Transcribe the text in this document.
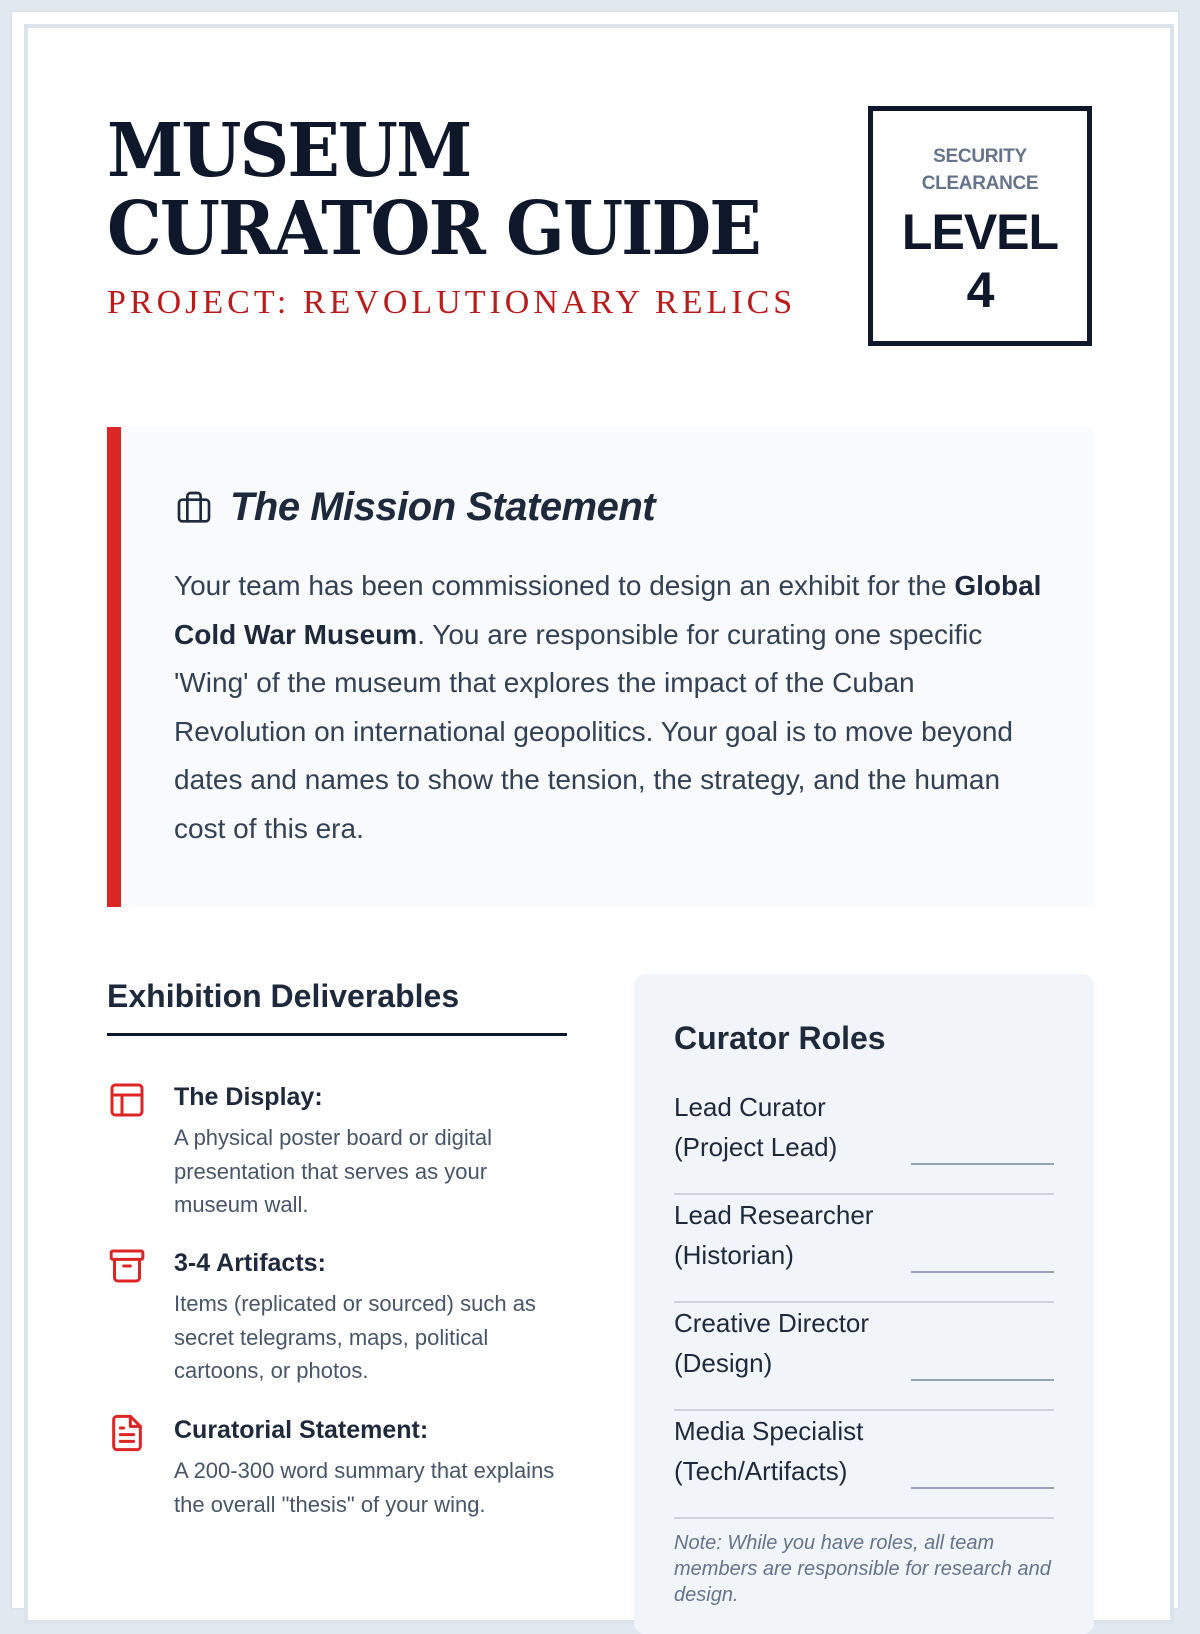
MUSEUM
CURATOR GUIDE
PROJECT: REVOLUTIONARY RELICS
SECURITY
CLEARANCE
LEVEL
4
The Mission Statement

Your team has been commissioned to design an exhibit for the Global Cold War Museum. You are responsible for curating one specific 'Wing' of the museum that explores the impact of the Cuban Revolution on international geopolitics. Your goal is to move beyond dates and names to show the tension, the strategy, and the human cost of this era.

Exhibition Deliverables
The Display:

A physical poster board or digital presentation that serves as your museum wall.

3-4 Artifacts:

Items (replicated or sourced) such as secret telegrams, maps, political cartoons, or photos.

Curatorial Statement:

A 200-300 word summary that explains the overall "thesis" of your wing.

Curator Roles
Lead Curator
(Project Lead)
Lead Researcher
(Historian)
Creative Director
(Design)
Media Specialist
(Tech/Artifacts)

Note: While you have roles, all team members are responsible for research and design.
